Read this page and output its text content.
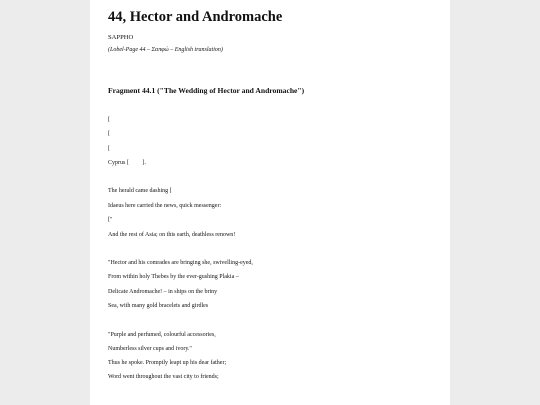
44, Hector and Andromache
SAPPHO
(Lobel-Page 44 – Σαπφώ – English translation)
Fragment 44.1 ("The Wedding of Hector and Andromache")
[
[
[
Cyprus [         ].
The herald came dashing [
Idaeus here carried the news, quick messenger:
["
And the rest of Asia; on this earth, deathless renown!
"Hector and his comrades are bringing she, swivelling-eyed,
From within holy Thebes by the ever-gushing Plakia –
Delicate Andromache! – in ships on the briny
Sea, with many gold bracelets and girdles
"Purple and perfumed, colourful accessories,
Numberless silver cups and ivory."
Thus he spoke. Promptly leapt up his dear father;
Word went throughout the vast city to friends;
